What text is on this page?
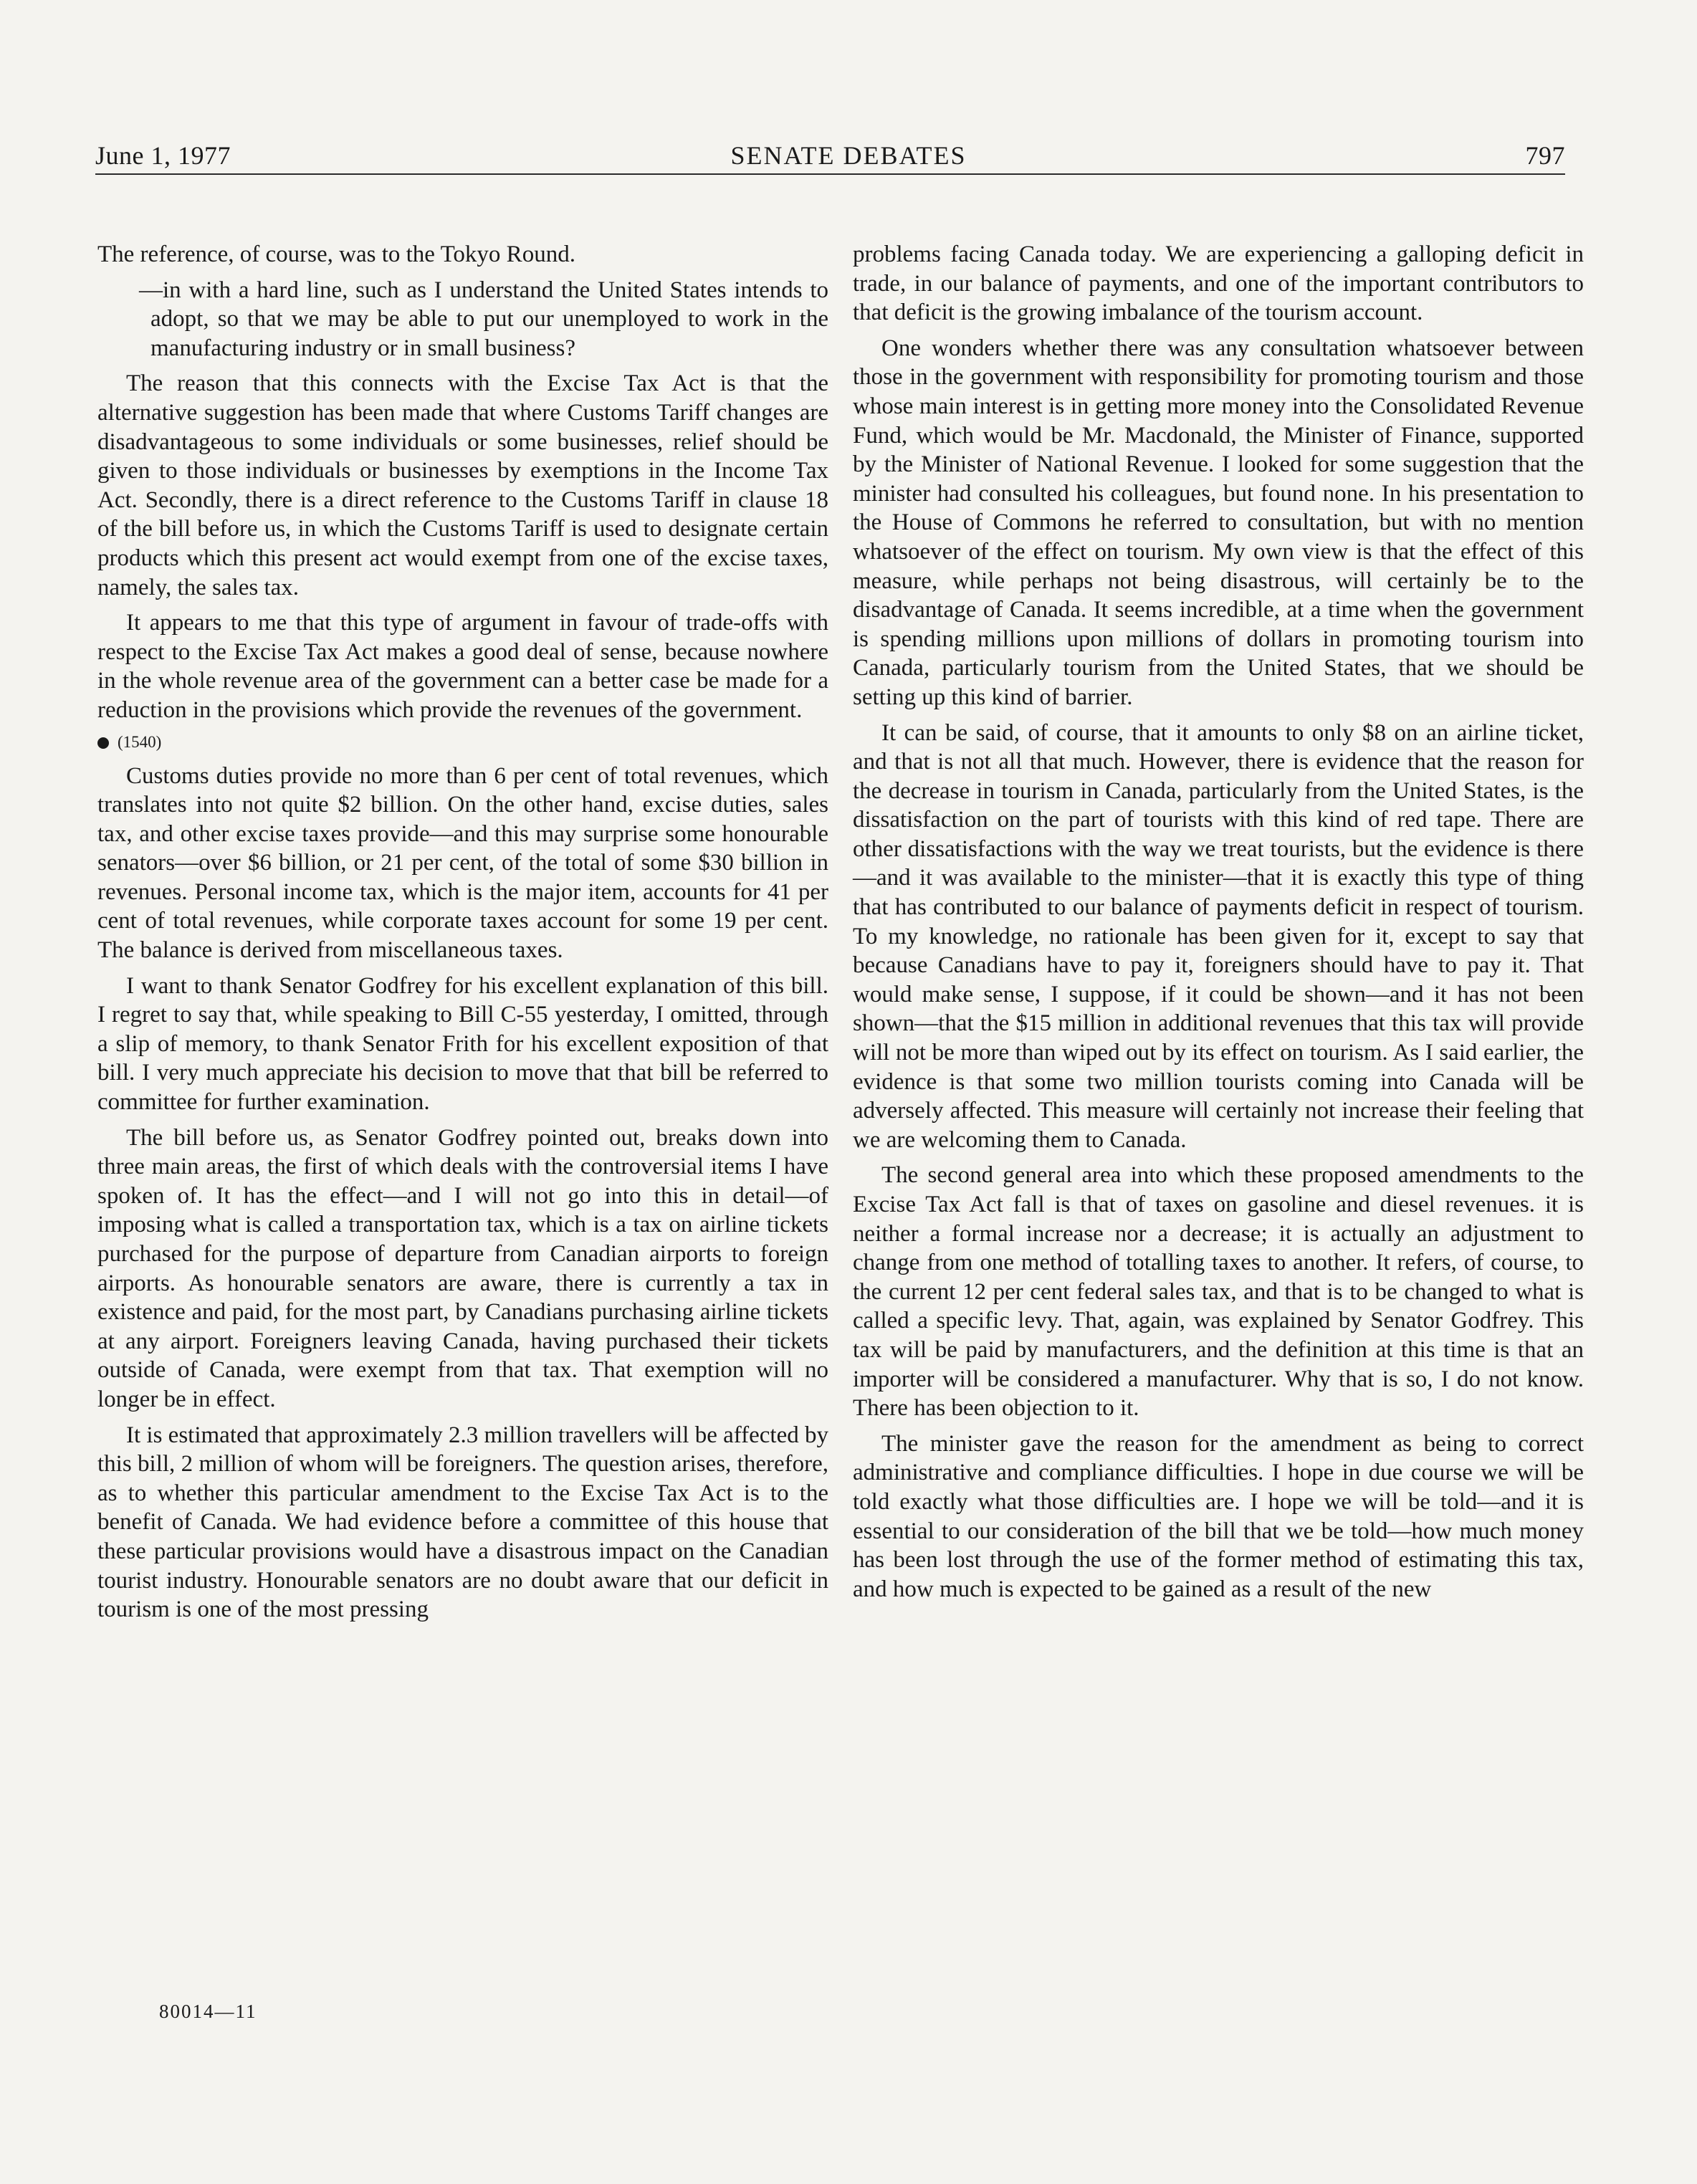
June 1, 1977	SENATE DEBATES	797

The reference, of course, was to the Tokyo Round.

—in with a hard line, such as I understand the United States intends to adopt, so that we may be able to put our unemployed to work in the manufacturing industry or in small business?

The reason that this connects with the Excise Tax Act is that the alternative suggestion has been made that where Customs Tariff changes are disadvantageous to some individuals or some businesses, relief should be given to those individuals or businesses by exemptions in the Income Tax Act. Secondly, there is a direct reference to the Customs Tariff in clause 18 of the bill before us, in which the Customs Tariff is used to designate certain products which this present act would exempt from one of the excise taxes, namely, the sales tax.

It appears to me that this type of argument in favour of trade-offs with respect to the Excise Tax Act makes a good deal of sense, because nowhere in the whole revenue area of the government can a better case be made for a reduction in the provisions which provide the revenues of the government.

(1540)

Customs duties provide no more than 6 per cent of total revenues, which translates into not quite $2 billion. On the other hand, excise duties, sales tax, and other excise taxes provide—and this may surprise some honourable senators—over $6 billion, or 21 per cent, of the total of some $30 billion in revenues. Personal income tax, which is the major item, accounts for 41 per cent of total revenues, while corporate taxes account for some 19 per cent. The balance is derived from miscellaneous taxes.

I want to thank Senator Godfrey for his excellent explanation of this bill. I regret to say that, while speaking to Bill C-55 yesterday, I omitted, through a slip of memory, to thank Senator Frith for his excellent exposition of that bill. I very much appreciate his decision to move that that bill be referred to committee for further examination.

The bill before us, as Senator Godfrey pointed out, breaks down into three main areas, the first of which deals with the controversial items I have spoken of. It has the effect—and I will not go into this in detail—of imposing what is called a transportation tax, which is a tax on airline tickets purchased for the purpose of departure from Canadian airports to foreign airports. As honourable senators are aware, there is currently a tax in existence and paid, for the most part, by Canadians purchasing airline tickets at any airport. Foreigners leaving Canada, having purchased their tickets outside of Canada, were exempt from that tax. That exemption will no longer be in effect.

It is estimated that approximately 2.3 million travellers will be affected by this bill, 2 million of whom will be foreigners. The question arises, therefore, as to whether this particular amendment to the Excise Tax Act is to the benefit of Canada. We had evidence before a committee of this house that these particular provisions would have a disastrous impact on the Canadian tourist industry. Honourable senators are no doubt aware that our deficit in tourism is one of the most pressing

problems facing Canada today. We are experiencing a galloping deficit in trade, in our balance of payments, and one of the important contributors to that deficit is the growing imbalance of the tourism account.

One wonders whether there was any consultation whatsoever between those in the government with responsibility for promoting tourism and those whose main interest is in getting more money into the Consolidated Revenue Fund, which would be Mr. Macdonald, the Minister of Finance, supported by the Minister of National Revenue. I looked for some suggestion that the minister had consulted his colleagues, but found none. In his presentation to the House of Commons he referred to consultation, but with no mention whatsoever of the effect on tourism. My own view is that the effect of this measure, while perhaps not being disastrous, will certainly be to the disadvantage of Canada. It seems incredible, at a time when the government is spending millions upon millions of dollars in promoting tourism into Canada, particularly tourism from the United States, that we should be setting up this kind of barrier.

It can be said, of course, that it amounts to only $8 on an airline ticket, and that is not all that much. However, there is evidence that the reason for the decrease in tourism in Canada, particularly from the United States, is the dissatisfaction on the part of tourists with this kind of red tape. There are other dissatisfactions with the way we treat tourists, but the evidence is there—and it was available to the minister—that it is exactly this type of thing that has contributed to our balance of payments deficit in respect of tourism. To my knowledge, no rationale has been given for it, except to say that because Canadians have to pay it, foreigners should have to pay it. That would make sense, I suppose, if it could be shown—and it has not been shown—that the $15 million in additional revenues that this tax will provide will not be more than wiped out by its effect on tourism. As I said earlier, the evidence is that some two million tourists coming into Canada will be adversely affected. This measure will certainly not increase their feeling that we are welcoming them to Canada.

The second general area into which these proposed amendments to the Excise Tax Act fall is that of taxes on gasoline and diesel revenues. it is neither a formal increase nor a decrease; it is actually an adjustment to change from one method of totalling taxes to another. It refers, of course, to the current 12 per cent federal sales tax, and that is to be changed to what is called a specific levy. That, again, was explained by Senator Godfrey. This tax will be paid by manufacturers, and the definition at this time is that an importer will be considered a manufacturer. Why that is so, I do not know. There has been objection to it.

The minister gave the reason for the amendment as being to correct administrative and compliance difficulties. I hope in due course we will be told exactly what those difficulties are. I hope we will be told—and it is essential to our consideration of the bill that we be told—how much money has been lost through the use of the former method of estimating this tax, and how much is expected to be gained as a result of the new

80014—11
